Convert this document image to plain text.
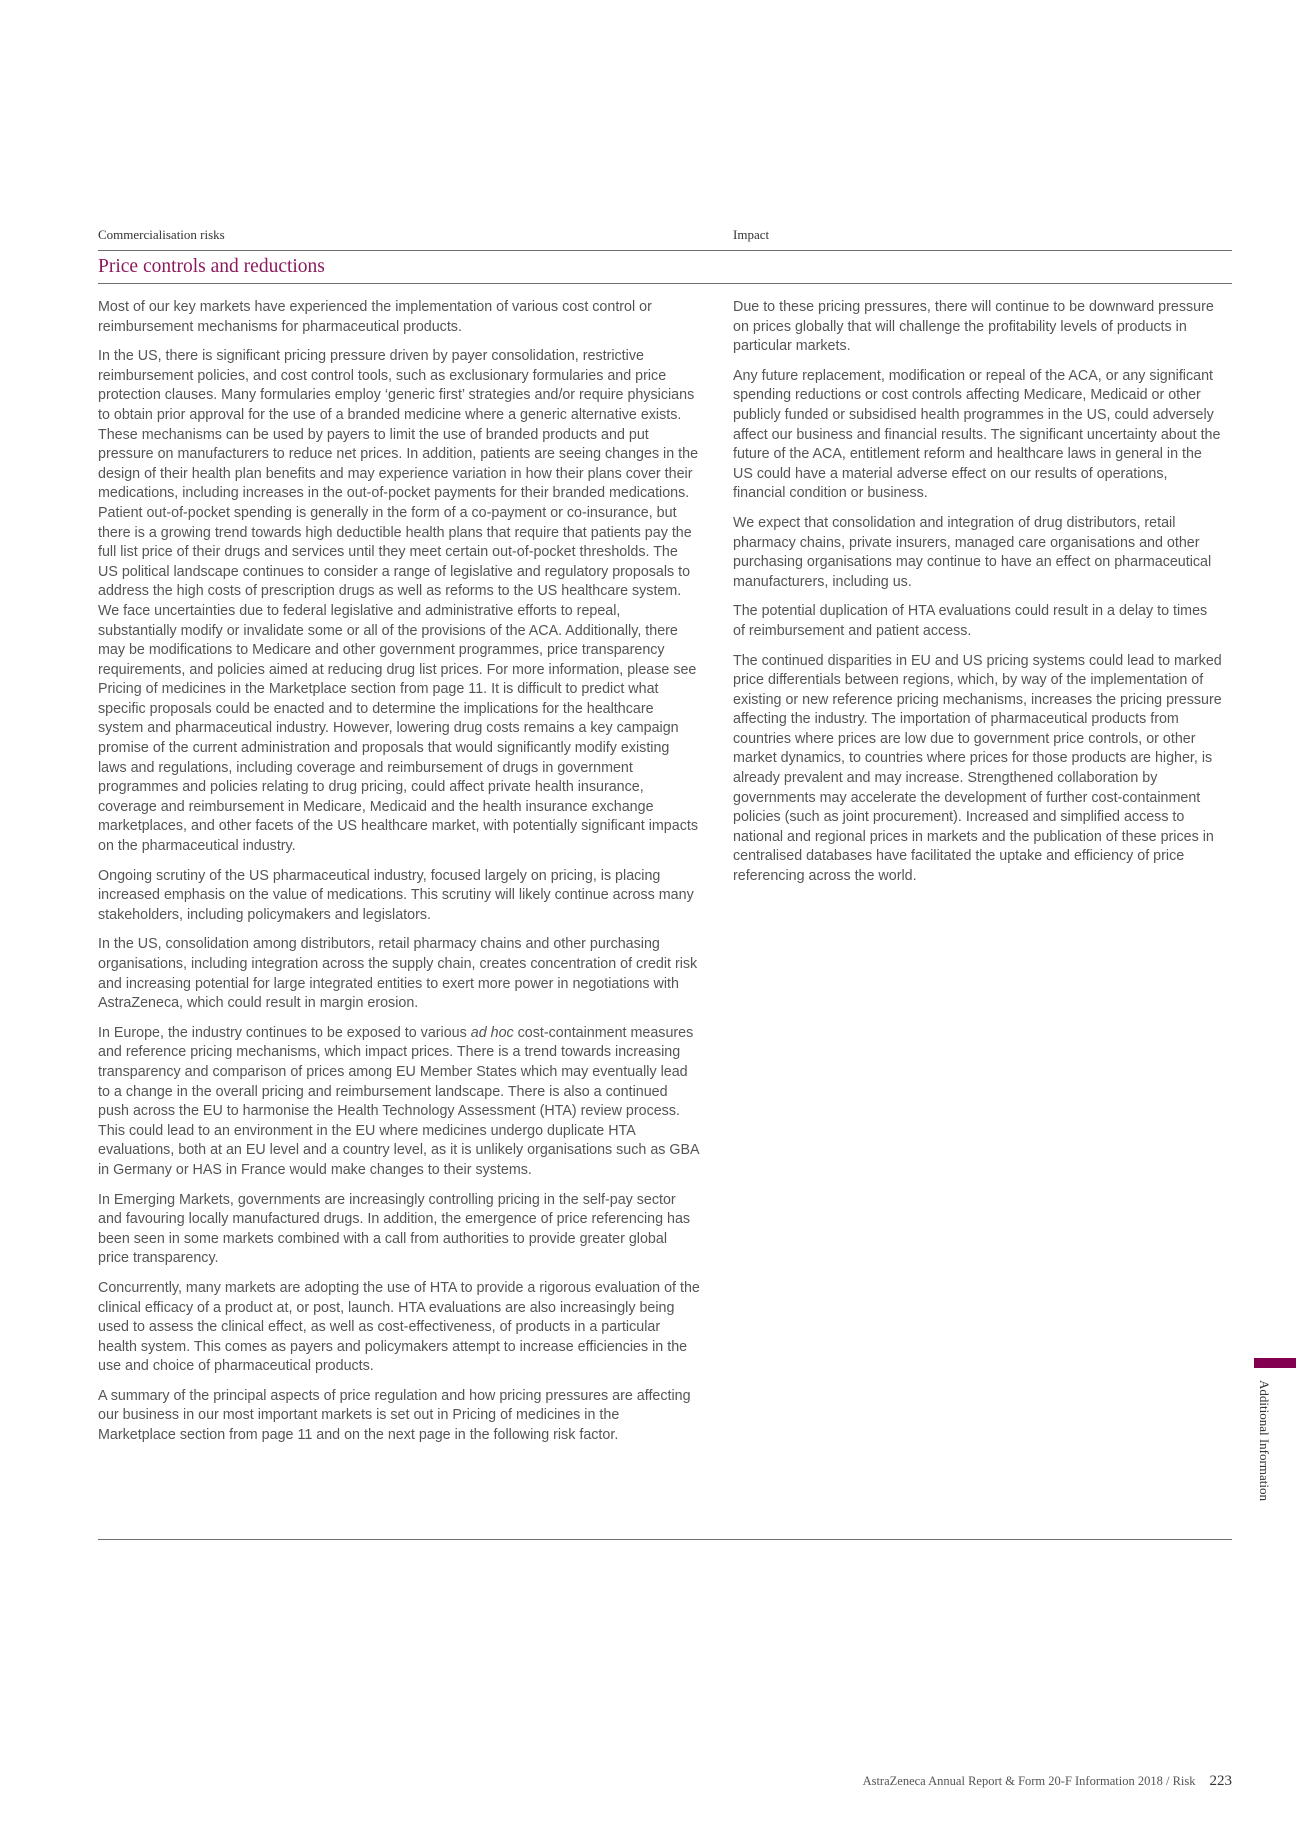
Commercialisation risks	Impact
Price controls and reductions

Most of our key markets have experienced the implementation of various cost control or reimbursement mechanisms for pharmaceutical products.

In the US, there is significant pricing pressure driven by payer consolidation, restrictive reimbursement policies, and cost control tools, such as exclusionary formularies and price protection clauses. Many formularies employ ‘generic first’ strategies and/or require physicians to obtain prior approval for the use of a branded medicine where a generic alternative exists. These mechanisms can be used by payers to limit the use of branded products and put pressure on manufacturers to reduce net prices. In addition, patients are seeing changes in the design of their health plan benefits and may experience variation in how their plans cover their medications, including increases in the out-of-pocket payments for their branded medications. Patient out-of-pocket spending is generally in the form of a co-payment or co-insurance, but there is a growing trend towards high deductible health plans that require that patients pay the full list price of their drugs and services until they meet certain out-of-pocket thresholds. The US political landscape continues to consider a range of legislative and regulatory proposals to address the high costs of prescription drugs as well as reforms to the US healthcare system. We face uncertainties due to federal legislative and administrative efforts to repeal, substantially modify or invalidate some or all of the provisions of the ACA. Additionally, there may be modifications to Medicare and other government programmes, price transparency requirements, and policies aimed at reducing drug list prices. For more information, please see Pricing of medicines in the Marketplace section from page 11. It is difficult to predict what specific proposals could be enacted and to determine the implications for the healthcare system and pharmaceutical industry. However, lowering drug costs remains a key campaign promise of the current administration and proposals that would significantly modify existing laws and regulations, including coverage and reimbursement of drugs in government programmes and policies relating to drug pricing, could affect private health insurance, coverage and reimbursement in Medicare, Medicaid and the health insurance exchange marketplaces, and other facets of the US healthcare market, with potentially significant impacts on the pharmaceutical industry.

Ongoing scrutiny of the US pharmaceutical industry, focused largely on pricing, is placing increased emphasis on the value of medications. This scrutiny will likely continue across many stakeholders, including policymakers and legislators.

In the US, consolidation among distributors, retail pharmacy chains and other purchasing organisations, including integration across the supply chain, creates concentration of credit risk and increasing potential for large integrated entities to exert more power in negotiations with AstraZeneca, which could result in margin erosion.

In Europe, the industry continues to be exposed to various ad hoc cost-containment measures and reference pricing mechanisms, which impact prices. There is a trend towards increasing transparency and comparison of prices among EU Member States which may eventually lead to a change in the overall pricing and reimbursement landscape. There is also a continued push across the EU to harmonise the Health Technology Assessment (HTA) review process. This could lead to an environment in the EU where medicines undergo duplicate HTA evaluations, both at an EU level and a country level, as it is unlikely organisations such as GBA in Germany or HAS in France would make changes to their systems.

In Emerging Markets, governments are increasingly controlling pricing in the self-pay sector and favouring locally manufactured drugs. In addition, the emergence of price referencing has been seen in some markets combined with a call from authorities to provide greater global price transparency.

Concurrently, many markets are adopting the use of HTA to provide a rigorous evaluation of the clinical efficacy of a product at, or post, launch. HTA evaluations are also increasingly being used to assess the clinical effect, as well as cost-effectiveness, of products in a particular health system. This comes as payers and policymakers attempt to increase efficiencies in the use and choice of pharmaceutical products.

A summary of the principal aspects of price regulation and how pricing pressures are affecting our business in our most important markets is set out in Pricing of medicines in the Marketplace section from page 11 and on the next page in the following risk factor.

Due to these pricing pressures, there will continue to be downward pressure on prices globally that will challenge the profitability levels of products in particular markets.

Any future replacement, modification or repeal of the ACA, or any significant spending reductions or cost controls affecting Medicare, Medicaid or other publicly funded or subsidised health programmes in the US, could adversely affect our business and financial results. The significant uncertainty about the future of the ACA, entitlement reform and healthcare laws in general in the US could have a material adverse effect on our results of operations, financial condition or business.

We expect that consolidation and integration of drug distributors, retail pharmacy chains, private insurers, managed care organisations and other purchasing organisations may continue to have an effect on pharmaceutical manufacturers, including us.

The potential duplication of HTA evaluations could result in a delay to times of reimbursement and patient access.

The continued disparities in EU and US pricing systems could lead to marked price differentials between regions, which, by way of the implementation of existing or new reference pricing mechanisms, increases the pricing pressure affecting the industry. The importation of pharmaceutical products from countries where prices are low due to government price controls, or other market dynamics, to countries where prices for those products are higher, is already prevalent and may increase. Strengthened collaboration by governments may accelerate the development of further cost-containment policies (such as joint procurement). Increased and simplified access to national and regional prices in markets and the publication of these prices in centralised databases have facilitated the uptake and efficiency of price referencing across the world.

Additional Information
AstraZeneca Annual Report & Form 20-F Information 2018 / Risk 223
